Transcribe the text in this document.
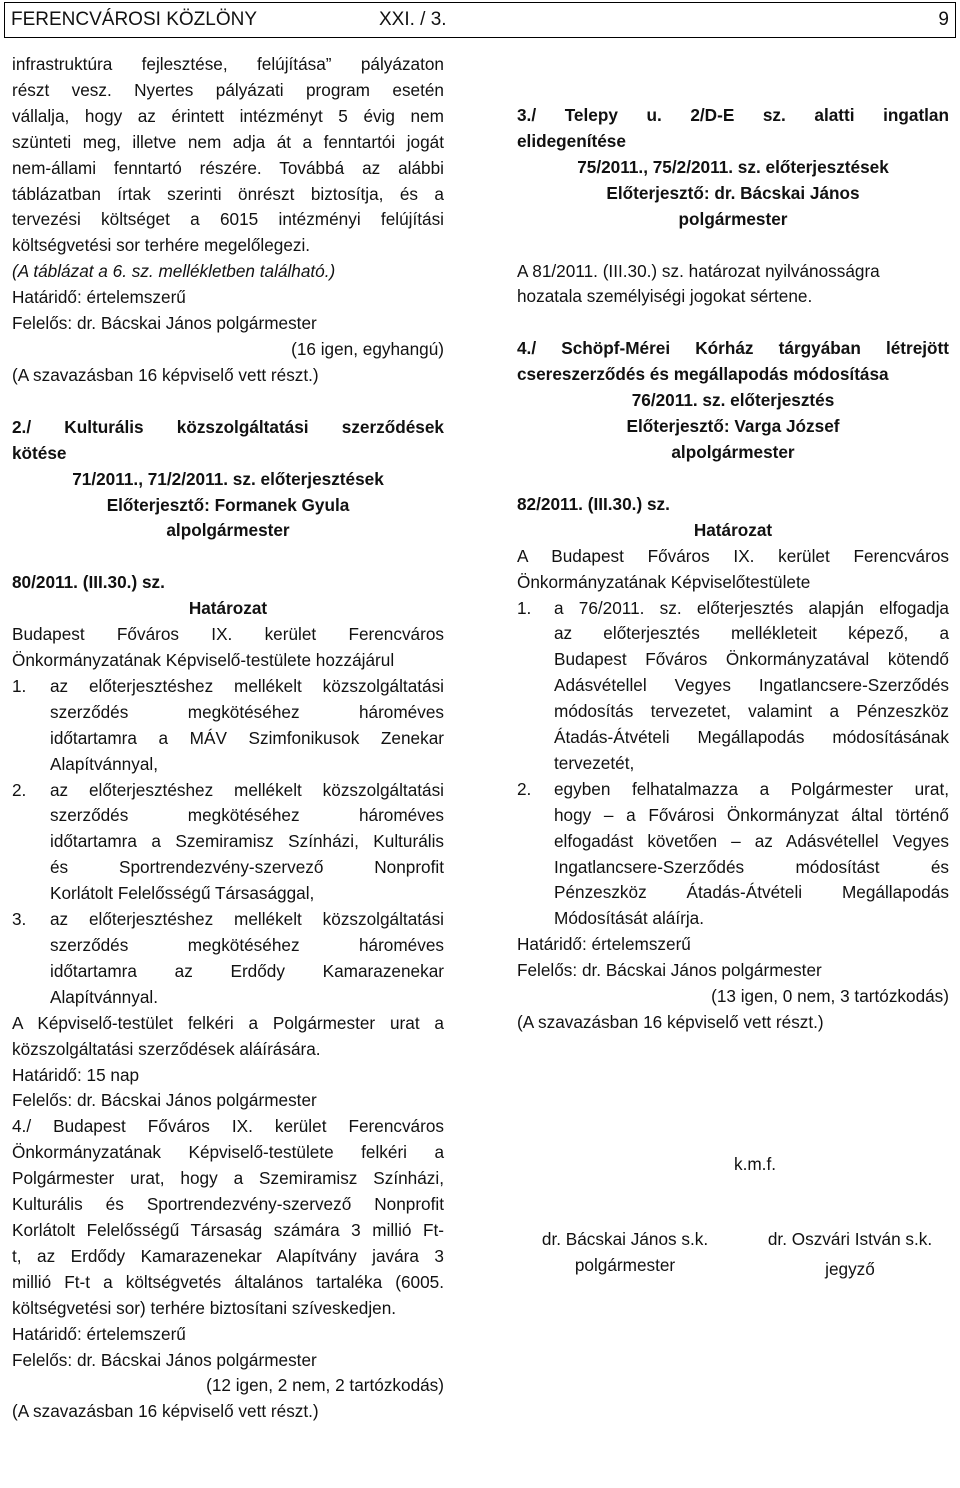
FERENCVÁROSI KÖZLÖNY	XXI. / 3.	9

infrastruktúra fejlesztése, felújítása” pályázaton

részt vesz. Nyertes pályázati program esetén

vállalja, hogy az érintett intézményt 5 évig nem

szünteti meg, illetve nem adja át a fenntartói jogát

nem-állami fenntartó részére. Továbbá az alábbi

táblázatban írtak szerinti önrészt biztosítja, és a

tervezési költséget a 6015 intézményi felújítási

költségvetési sor terhére megelőlegezi.

(A táblázat a 6. sz. mellékletben található.)

Határidő: értelemszerű

Felelős: dr. Bácskai János polgármester

(16 igen, egyhangú)

(A szavazásban 16 képviselő vett részt.)

2./ Kulturális közszolgáltatási szerződések

kötése

71/2011., 71/2/2011. sz. előterjesztések

Előterjesztő: Formanek Gyula

alpolgármester

80/2011. (III.30.) sz.

Határozat

Budapest Főváros IX. kerület Ferencváros

Önkormányzatának Képviselő-testülete hozzájárul

1. az előterjesztéshez mellékelt közszolgáltatási

szerződés megkötéséhez hároméves

időtartamra a MÁV Szimfonikusok Zenekar

Alapítvánnyal,

2. az előterjesztéshez mellékelt közszolgáltatási

szerződés megkötéséhez hároméves

időtartamra a Szemiramisz Színházi, Kulturális

és Sportrendezvény-szervező Nonprofit

Korlátolt Felelősségű Társasággal,

3. az előterjesztéshez mellékelt közszolgáltatási

szerződés megkötéséhez hároméves

időtartamra az Erdődy Kamarazenekar

Alapítvánnyal.

A Képviselő-testület felkéri a Polgármester urat a

közszolgáltatási szerződések aláírására.

Határidő: 15 nap

Felelős: dr. Bácskai János polgármester

4./ Budapest Főváros IX. kerület Ferencváros

Önkormányzatának Képviselő-testülete felkéri a

Polgármester urat, hogy a Szemiramisz Színházi,

Kulturális és Sportrendezvény-szervező Nonprofit

Korlátolt Felelősségű Társaság számára 3 millió Ft-

t, az Erdődy Kamarazenekar Alapítvány javára 3

millió Ft-t a költségvetés általános tartaléka (6005.

költségvetési sor) terhére biztosítani szíveskedjen.

Határidő: értelemszerű

Felelős: dr. Bácskai János polgármester

(12 igen, 2 nem, 2 tartózkodás)

(A szavazásban 16 képviselő vett részt.)

3./ Telepy u. 2/D-E sz. alatti ingatlan

elidegenítése

75/2011., 75/2/2011. sz. előterjesztések

Előterjesztő: dr. Bácskai János

polgármester

A 81/2011. (III.30.) sz. határozat nyilvánosságra

hozatala személyiségi jogokat sértene.

4./ Schöpf-Mérei Kórház tárgyában létrejött

csereszerződés és megállapodás módosítása

76/2011. sz. előterjesztés

Előterjesztő: Varga József

alpolgármester

82/2011. (III.30.) sz.

Határozat

A Budapest Főváros IX. kerület Ferencváros

Önkormányzatának Képviselőtestülete

1. a 76/2011. sz. előterjesztés alapján elfogadja

az előterjesztés mellékleteit képező, a

Budapest Főváros Önkormányzatával kötendő

Adásvétellel Vegyes Ingatlancsere-Szerződés

módosítás tervezetet, valamint a Pénzeszköz

Átadás-Átvételi Megállapodás módosításának

tervezetét,

2. egyben felhatalmazza a Polgármester urat,

hogy – a Fővárosi Önkormányzat által történő

elfogadást követően – az Adásvétellel Vegyes

Ingatlancsere-Szerződés módosítást és

Pénzeszköz Átadás-Átvételi Megállapodás

Módosítását aláírja.

Határidő: értelemszerű

Felelős: dr. Bácskai János polgármester

(13 igen, 0 nem, 3 tartózkodás)

(A szavazásban 16 képviselő vett részt.)

k.m.f.
dr. Bácskai János s.k.
polgármester
dr. Oszvári István s.k.
jegyző
